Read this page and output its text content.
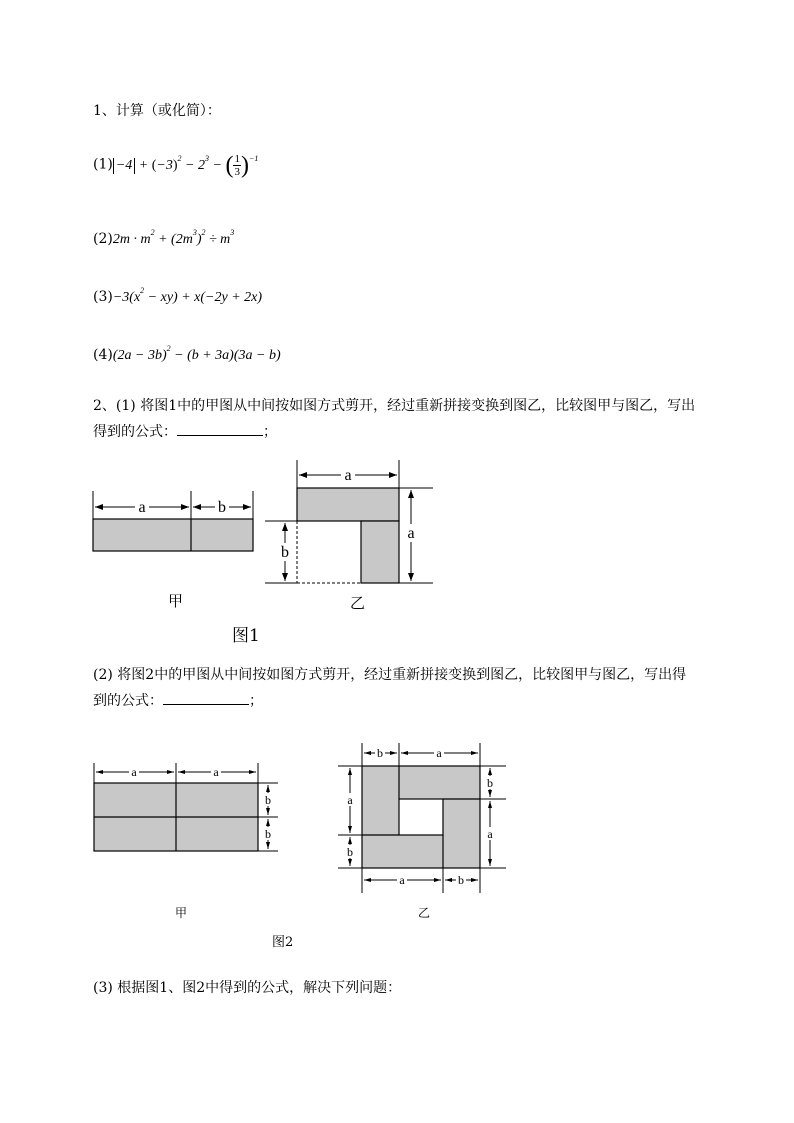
1、计算（或化简）：
$(1) -4 + (-3)^2 - 2^3$ − ( $\frac{1}{3} )^{-1}$
$(2)2m \cdot m^2 + (2m^3)^2 \div m^3$
$(3)-3(x^2 - xy) + x(-2y + 2x)$
$(4)(2a - 3b)^2 - (b + 3a)(3a - b)$
2、(1) 将图1中的甲图从中间按如图方式剪开，经过重新拼接变换到图乙，比较图甲与图乙，写出
得到的公式：	；
a	b
a
a
b
甲	乙
图1
(2) 将图2中的甲图从中间按如图方式剪开，经过重新拼接变换到图乙，比较图甲与图乙，写出得
到的公式：	；
a	a
b
b
b	a
b
a
a
b
a	b
甲	乙
图2
(3) 根据图1、图2中得到的公式，解决下列问题：
